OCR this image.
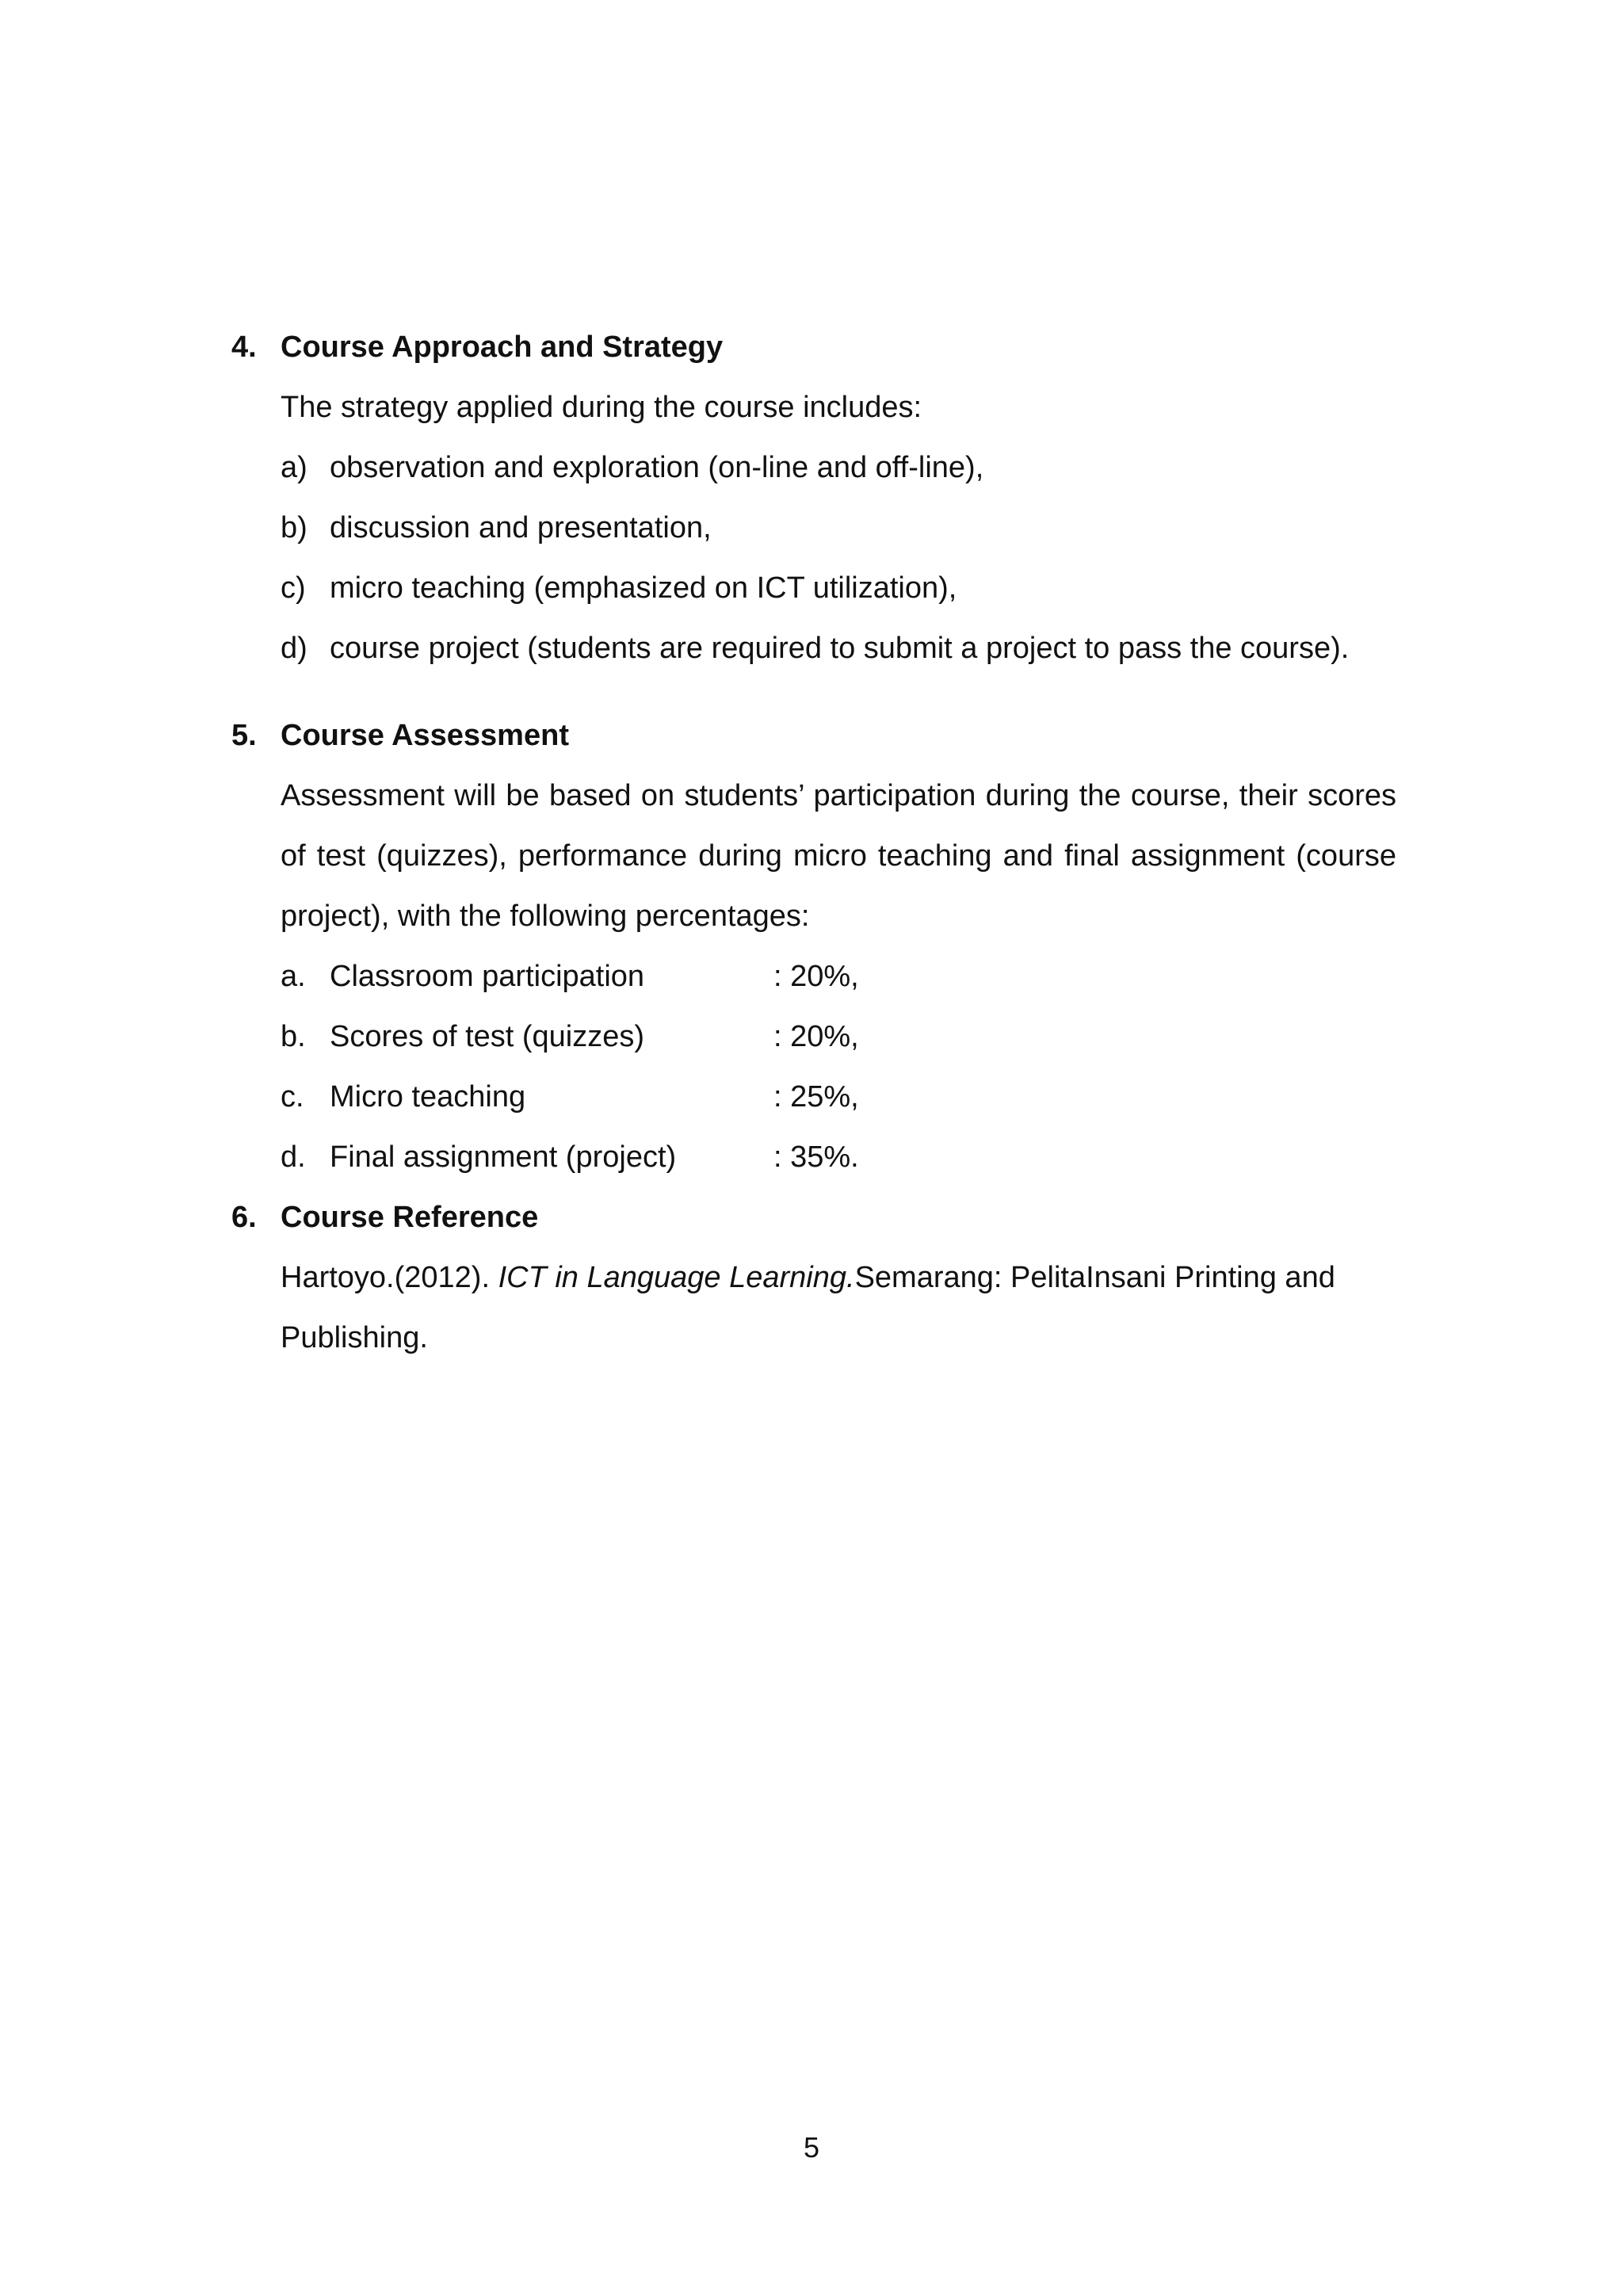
4. Course Approach and Strategy
The strategy applied during the course includes:
a) observation and exploration (on-line and off-line),
b) discussion and presentation,
c) micro teaching (emphasized on ICT utilization),
d) course project (students are required to submit a project to pass the course).
5. Course Assessment
Assessment will be based on students’ participation during the course, their scores of test (quizzes), performance during micro teaching and final assignment (course project), with the following percentages:
a. Classroom participation	: 20%,
b. Scores of test (quizzes)	: 20%,
c. Micro teaching	: 25%,
d. Final assignment (project)	: 35%.
6. Course Reference
Hartoyo.(2012). ICT in Language Learning.Semarang: PelitaInsani Printing and Publishing.
5
